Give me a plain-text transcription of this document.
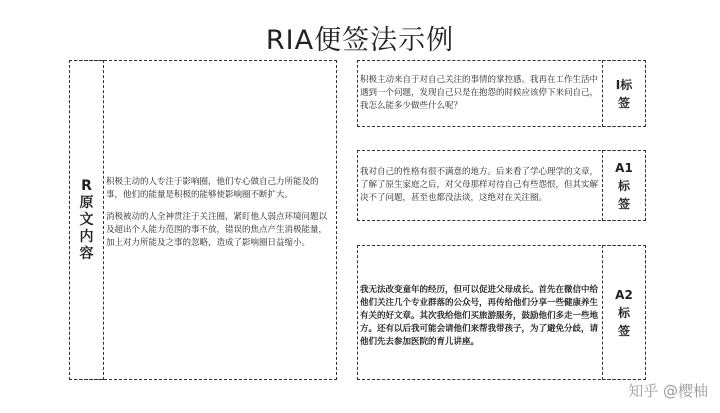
RIA便签法示例
R原文内容

积极主动的人专注于影响圈，他们专心做自己力所能及的事，他们的能量是积极的能够使影响圈不断扩大。

消极被动的人全神贯注于关注圈，紧盯他人弱点环境问题以及超出个人能力范围的事不放，错误的焦点产生消极能量，加上对力所能及之事的忽略，造成了影响圈日益缩小。

I标签
积极主动来自于对自己关注的事情的掌控感。我再在工作生活中遇到一个问题，发现自己只是在抱怨的时候应该停下来问自己，我怎么能多少做些什么呢？
A1标签
我对自己的性格有很不满意的地方。后来看了学心理学的文章，了解了原生家庭之后，对父母那样对待自己有些怨恨，但其实解决不了问题，甚至也都没法谈，这绝对在关注圈。
A2标签
我无法改变童年的经历，但可以促进父母成长。首先在微信中给他们关注几个专业群落的公众号，再传给他们分享一些健康养生有关的好文章。其次我给他们买旅游服务，鼓励他们多走一些地方。还有以后我可能会请他们来帮我带孩子，为了避免分歧，请他们先去参加医院的育儿讲座。
知乎 @樱柚
